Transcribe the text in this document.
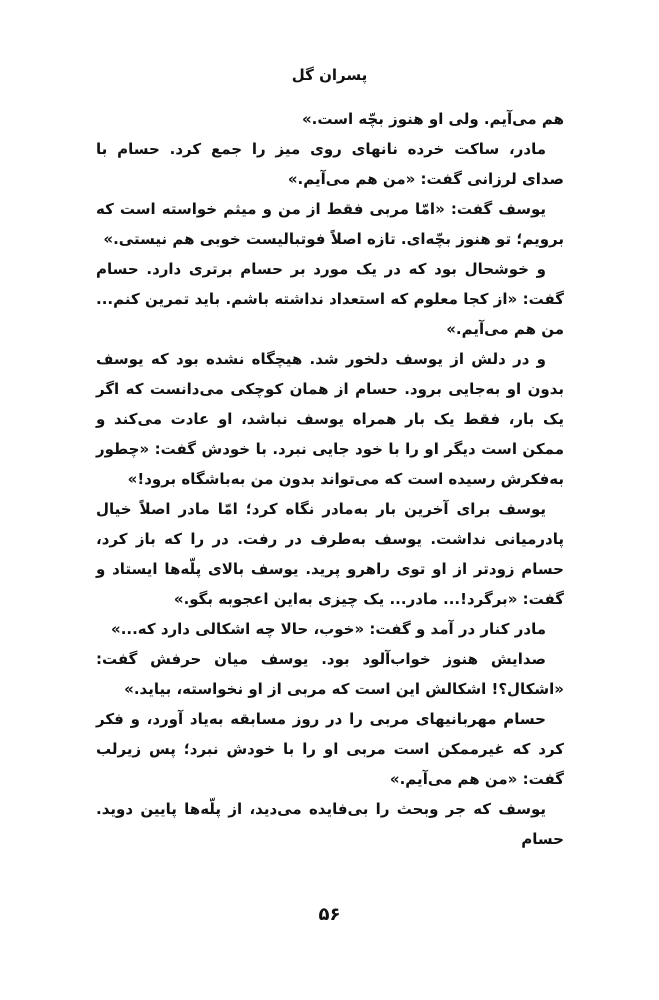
پسران گل

هم می‌آیم. ولی او هنوز بچّه است.»

مادر، ساکت خرده نانهای روی میز را جمع کرد. حسام با صدای لرزانی گفت: «من هم می‌آیم.»

یوسف گفت: «امّا مربی فقط از من و میثم خواسته است که برویم؛ تو هنوز بچّه‌ای. تازه اصلاً فوتبالیست خوبی هم نیستی.»

و خوشحال بود که در یک مورد بر حسام برتری دارد. حسام گفت: «از کجا معلوم که استعداد نداشته باشم. باید تمرین کنم... من هم می‌آیم.»

و در دلش از یوسف دلخور شد. هیچگاه نشده بود که یوسف بدون او به‌جایی برود. حسام از همان کوچکی می‌دانست که اگر یک بار، فقط یک بار همراه یوسف نباشد، او عادت می‌کند و ممکن است دیگر او را با خود جایی نبرد. با خودش گفت: «چطور به‌فکرش رسیده است که می‌تواند بدون من به‌باشگاه برود!»

یوسف برای آخرین بار به‌مادر نگاه کرد؛ امّا مادر اصلاً خیال پادرمیانی نداشت. یوسف به‌طرف در رفت. در را که باز کرد، حسام زودتر از او توی راهرو پرید. یوسف بالای پلّه‌ها ایستاد و گفت: «برگرد!... مادر... یک چیزی به‌این اعجوبه بگو.»

مادر کنار در آمد و گفت: «خوب، حالا چه اشکالی دارد که...»

صدایش هنوز خواب‌آلود بود. یوسف میان حرفش گفت: «اشکال؟! اشکالش این است که مربی از او نخواسته، بیاید.»

حسام مهربانیهای مربی را در روز مسابقه به‌یاد آورد، و فکر کرد که غیرممکن است مربی او را با خودش نبرد؛ پس زیرلب گفت: «من هم می‌آیم.»

یوسف که جر وبحث را بی‌فایده می‌دید، از پلّه‌ها پایین دوید. حسام

۵۶
